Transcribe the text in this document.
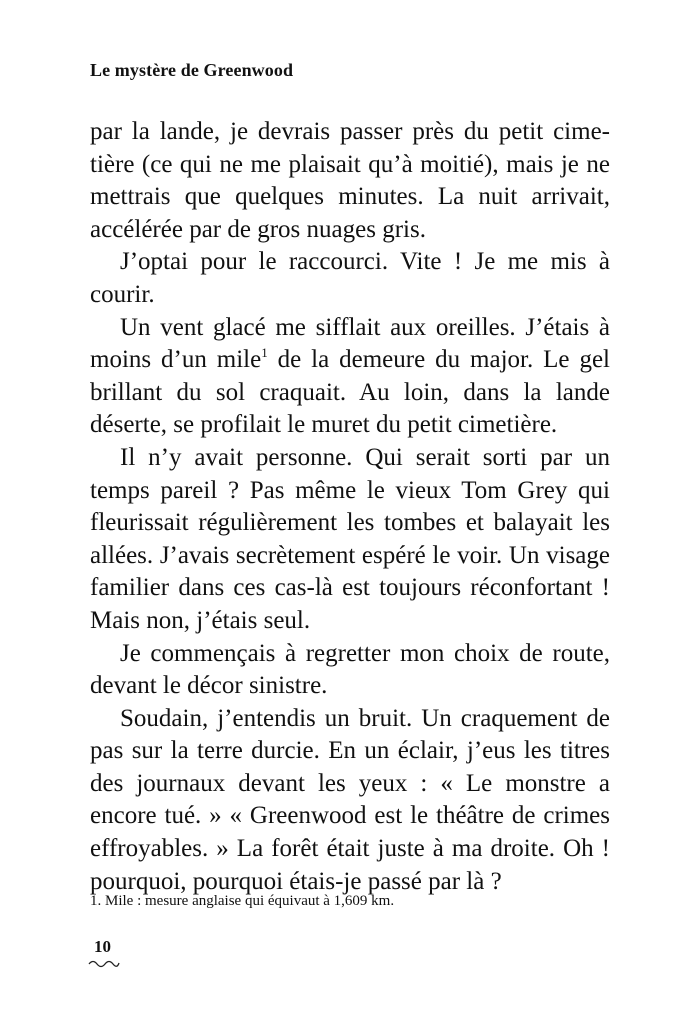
Le mystère de Greenwood

par la lande, je devrais passer près du petit cimetière (ce qui ne me plaisait qu’à moitié), mais je ne mettrais que quelques minutes. La nuit arrivait, accélérée par de gros nuages gris.

J’optai pour le raccourci. Vite ! Je me mis à courir.

Un vent glacé me sifflait aux oreilles. J’étais à moins d’un mile$^1$ de la demeure du major. Le gel brillant du sol craquait. Au loin, dans la lande déserte, se profilait le muret du petit cimetière.

Il n’y avait personne. Qui serait sorti par un temps pareil ? Pas même le vieux Tom Grey qui fleurissait régulièrement les tombes et balayait les allées. J’avais secrètement espéré le voir. Un visage familier dans ces cas-là est toujours réconfortant ! Mais non, j’étais seul.

Je commençais à regretter mon choix de route, devant le décor sinistre.

Soudain, j’entendis un bruit. Un craquement de pas sur la terre durcie. En un éclair, j’eus les titres des journaux devant les yeux : « Le monstre a encore tué. » « Greenwood est le théâtre de crimes effroyables. » La forêt était juste à ma droite. Oh ! pourquoi, pourquoi étais-je passé par là ?

1. Mile : mesure anglaise qui équivaut à 1,609 km.
10
